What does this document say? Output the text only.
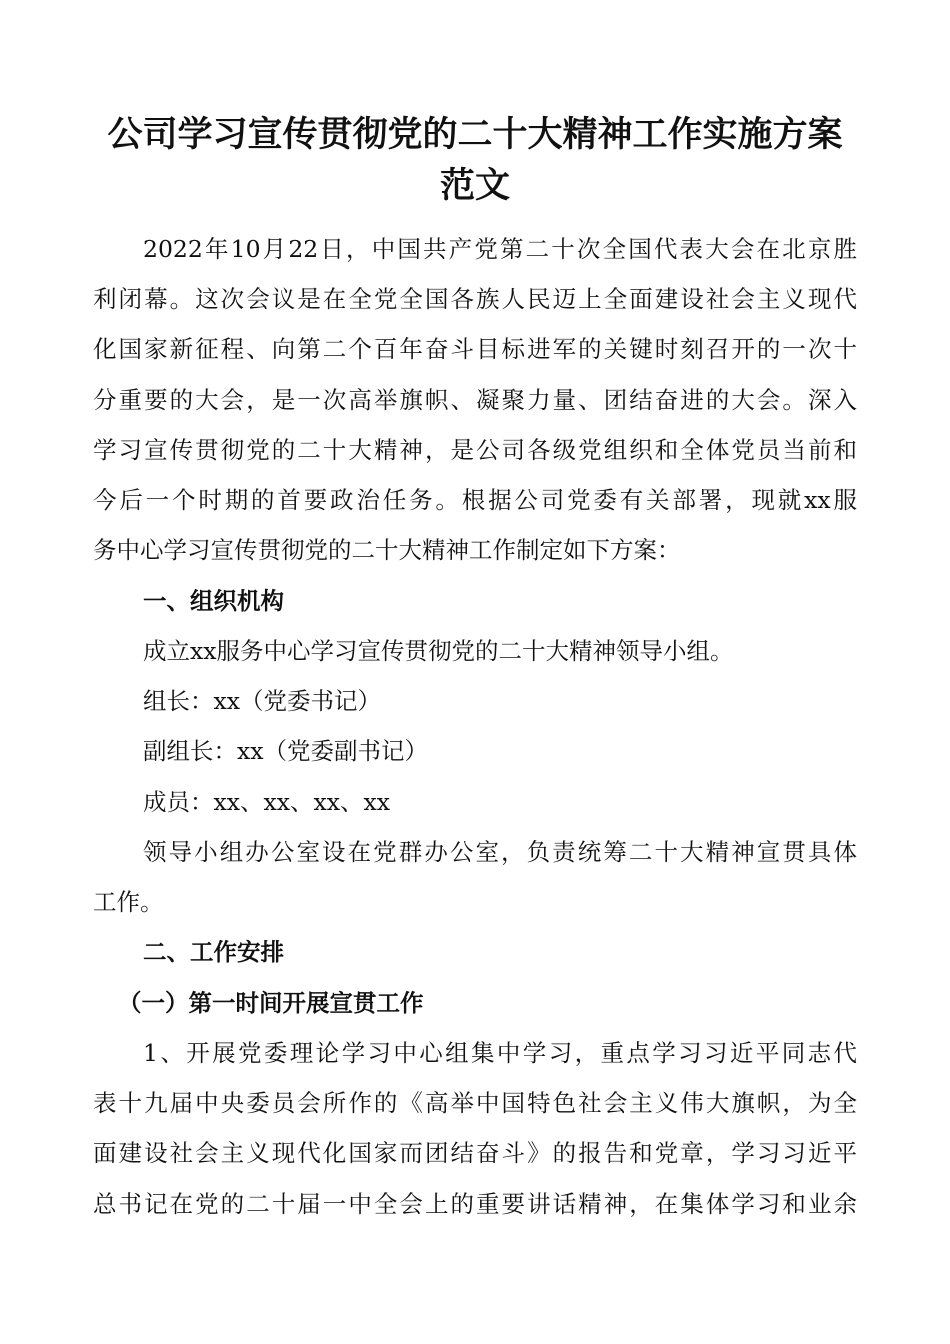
公司学习宣传贯彻党的二十大精神工作实施方案
范文

2022年10月22日，中国共产党第二十次全国代表大会在北京胜

利闭幕。这次会议是在全党全国各族人民迈上全面建设社会主义现代

化国家新征程、向第二个百年奋斗目标进军的关键时刻召开的一次十

分重要的大会，是一次高举旗帜、凝聚力量、团结奋进的大会。深入

学习宣传贯彻党的二十大精神，是公司各级党组织和全体党员当前和

今后一个时期的首要政治任务。根据公司党委有关部署，现就xx服

务中心学习宣传贯彻党的二十大精神工作制定如下方案：

一、组织机构

成立xx服务中心学习宣传贯彻党的二十大精神领导小组。

组长：xx（党委书记）

副组长：xx（党委副书记）

成员：xx、xx、xx、xx

领导小组办公室设在党群办公室，负责统筹二十大精神宣贯具体

工作。

二、工作安排

（一）第一时间开展宣贯工作

1、开展党委理论学习中心组集中学习，重点学习习近平同志代

表十九届中央委员会所作的《高举中国特色社会主义伟大旗帜，为全

面建设社会主义现代化国家而团结奋斗》的报告和党章，学习习近平

总书记在党的二十届一中全会上的重要讲话精神，在集体学习和业余
